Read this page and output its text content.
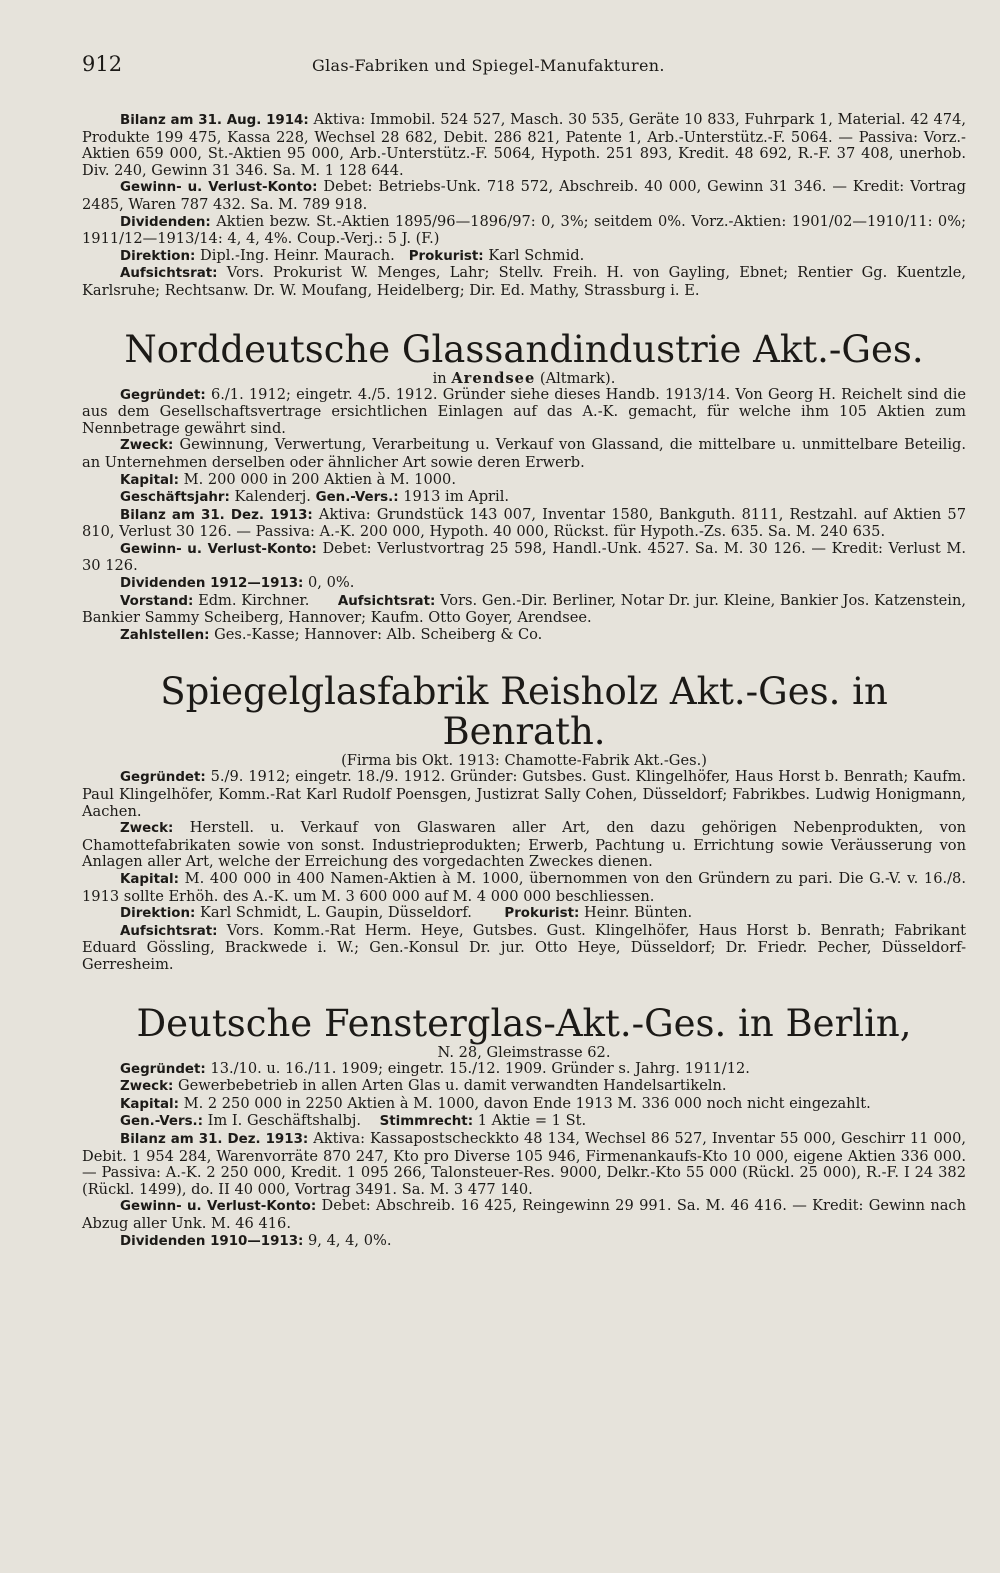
912	Glas-Fabriken und Spiegel-Manufakturen.

Bilanz am 31. Aug. 1914: Aktiva: Immobil. 524 527, Masch. 30 535, Geräte 10 833, Fuhrpark 1, Material. 42 474, Produkte 199 475, Kassa 228, Wechsel 28 682, Debit. 286 821, Patente 1, Arb.-Unterstütz.-F. 5064. — Passiva: Vorz.-Aktien 659 000, St.-Aktien 95 000, Arb.-Unterstütz.-F. 5064, Hypoth. 251 893, Kredit. 48 692, R.-F. 37 408, unerhob. Div. 240, Gewinn 31 346. Sa. M. 1 128 644.

Gewinn- u. Verlust-Konto: Debet: Betriebs-Unk. 718 572, Abschreib. 40 000, Gewinn 31 346. — Kredit: Vortrag 2485, Waren 787 432. Sa. M. 789 918.

Dividenden: Aktien bezw. St.-Aktien 1895/96—1896/97: 0, 3%; seitdem 0%. Vorz.-Aktien: 1901/02—1910/11: 0%; 1911/12—1913/14: 4, 4, 4%. Coup.-Verj.: 5 J. (F.)

Direktion: Dipl.-Ing. Heinr. Maurach. Prokurist: Karl Schmid.

Aufsichtsrat: Vors. Prokurist W. Menges, Lahr; Stellv. Freih. H. von Gayling, Ebnet; Rentier Gg. Kuentzle, Karlsruhe; Rechtsanw. Dr. W. Moufang, Heidelberg; Dir. Ed. Mathy, Strassburg i. E.

Norddeutsche Glassandindustrie Akt.-Ges.

in Arendsee (Altmark).

Gegründet: 6./1. 1912; eingetr. 4./5. 1912. Gründer siehe dieses Handb. 1913/14. Von Georg H. Reichelt sind die aus dem Gesellschaftsvertrage ersichtlichen Einlagen auf das A.-K. gemacht, für welche ihm 105 Aktien zum Nennbetrage gewährt sind.

Zweck: Gewinnung, Verwertung, Verarbeitung u. Verkauf von Glassand, die mittelbare u. unmittelbare Beteilig. an Unternehmen derselben oder ähnlicher Art sowie deren Erwerb.

Kapital: M. 200 000 in 200 Aktien à M. 1000.

Geschäftsjahr: Kalenderj. Gen.-Vers.: 1913 im April.

Bilanz am 31. Dez. 1913: Aktiva: Grundstück 143 007, Inventar 1580, Bankguth. 8111, Restzahl. auf Aktien 57 810, Verlust 30 126. — Passiva: A.-K. 200 000, Hypoth. 40 000, Rückst. für Hypoth.-Zs. 635. Sa. M. 240 635.

Gewinn- u. Verlust-Konto: Debet: Verlustvortrag 25 598, Handl.-Unk. 4527. Sa. M. 30 126. — Kredit: Verlust M. 30 126.

Dividenden 1912—1913: 0, 0%.

Vorstand: Edm. Kirchner. Aufsichtsrat: Vors. Gen.-Dir. Berliner, Notar Dr. jur. Kleine, Bankier Jos. Katzenstein, Bankier Sammy Scheiberg, Hannover; Kaufm. Otto Goyer, Arendsee.

Zahlstellen: Ges.-Kasse; Hannover: Alb. Scheiberg & Co.

Spiegelglasfabrik Reisholz Akt.-Ges. in Benrath.

(Firma bis Okt. 1913: Chamotte-Fabrik Akt.-Ges.)

Gegründet: 5./9. 1912; eingetr. 18./9. 1912. Gründer: Gutsbes. Gust. Klingelhöfer, Haus Horst b. Benrath; Kaufm. Paul Klingelhöfer, Komm.-Rat Karl Rudolf Poensgen, Justizrat Sally Cohen, Düsseldorf; Fabrikbes. Ludwig Honigmann, Aachen.

Zweck: Herstell. u. Verkauf von Glaswaren aller Art, den dazu gehörigen Nebenprodukten, von Chamottefabrikaten sowie von sonst. Industrieprodukten; Erwerb, Pachtung u. Errichtung sowie Veräusserung von Anlagen aller Art, welche der Erreichung des vorgedachten Zweckes dienen.

Kapital: M. 400 000 in 400 Namen-Aktien à M. 1000, übernommen von den Gründern zu pari. Die G.-V. v. 16./8. 1913 sollte Erhöh. des A.-K. um M. 3 600 000 auf M. 4 000 000 beschliessen.

Direktion: Karl Schmidt, L. Gaupin, Düsseldorf. Prokurist: Heinr. Bünten.

Aufsichtsrat: Vors. Komm.-Rat Herm. Heye, Gutsbes. Gust. Klingelhöfer, Haus Horst b. Benrath; Fabrikant Eduard Gössling, Brackwede i. W.; Gen.-Konsul Dr. jur. Otto Heye, Düsseldorf; Dr. Friedr. Pecher, Düsseldorf-Gerresheim.

Deutsche Fensterglas-Akt.-Ges. in Berlin,

N. 28, Gleimstrasse 62.

Gegründet: 13./10. u. 16./11. 1909; eingetr. 15./12. 1909. Gründer s. Jahrg. 1911/12.

Zweck: Gewerbebetrieb in allen Arten Glas u. damit verwandten Handelsartikeln.

Kapital: M. 2 250 000 in 2250 Aktien à M. 1000, davon Ende 1913 M. 336 000 noch nicht eingezahlt.

Gen.-Vers.: Im I. Geschäftshalbj. Stimmrecht: 1 Aktie = 1 St.

Bilanz am 31. Dez. 1913: Aktiva: Kassapostscheckkto 48 134, Wechsel 86 527, Inventar 55 000, Geschirr 11 000, Debit. 1 954 284, Warenvorräte 870 247, Kto pro Diverse 105 946, Firmenankaufs-Kto 10 000, eigene Aktien 336 000. — Passiva: A.-K. 2 250 000, Kredit. 1 095 266, Talonsteuer-Res. 9000, Delkr.-Kto 55 000 (Rückl. 25 000), R.-F. I 24 382 (Rückl. 1499), do. II 40 000, Vortrag 3491. Sa. M. 3 477 140.

Gewinn- u. Verlust-Konto: Debet: Abschreib. 16 425, Reingewinn 29 991. Sa. M. 46 416. — Kredit: Gewinn nach Abzug aller Unk. M. 46 416.

Dividenden 1910—1913: 9, 4, 4, 0%.
